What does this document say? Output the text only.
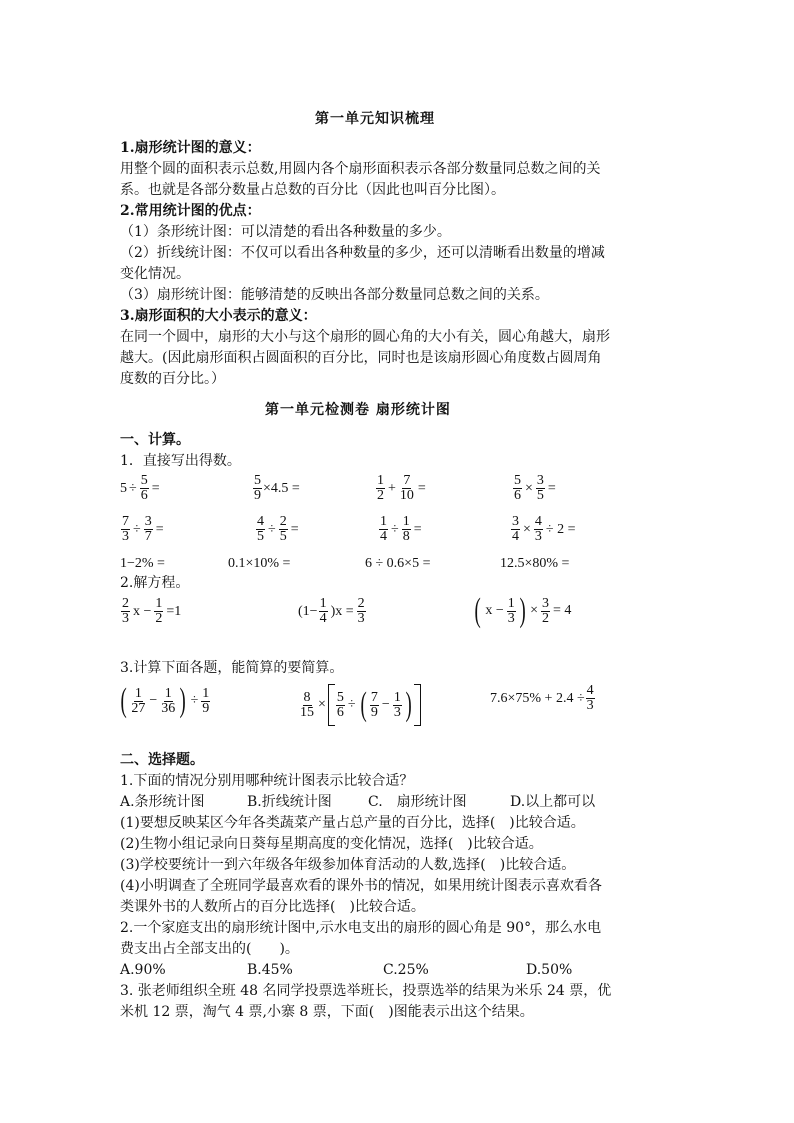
第一单元知识梳理
1.扇形统计图的意义：
用整个圆的面积表示总数,用圆内各个扇形面积表示各部分数量同总数之间的关
系。也就是各部分数量占总数的百分比（因此也叫百分比图）。
2.常用统计图的优点：
（1）条形统计图：可以清楚的看出各种数量的多少。
（2）折线统计图：不仅可以看出各种数量的多少，还可以清晰看出数量的增减
变化情况。
（3）扇形统计图：能够清楚的反映出各部分数量同总数之间的关系。
3.扇形面积的大小表示的意义：
在同一个圆中，扇形的大小与这个扇形的圆心角的大小有关，圆心角越大，扇形
越大。(因此扇形面积占圆面积的百分比，同时也是该扇形圆心角度数占圆周角
度数的百分比。）
第一单元检测卷 扇形统计图
一、计算。
1．直接写出得数。
$5 \div \frac{5}{6}$ =	$\frac{5}{9} \times 4.5$ =	$\frac{1}{2} + \frac{7}{10}$ =	$\frac{5}{6} \times \frac{3}{5}$ =
$\frac{7}{3} \div \frac{3}{7}$ =	$\frac{4}{5} \div \frac{2}{5}$ =	$\frac{1}{4} \div \frac{1}{8}$ =	$\frac{3}{4} \times \frac{4}{3} \div 2$ =
1−2% =	0.1×10% =	6 ÷ 0.6×5 =	12.5×80% =
2.解方程。
$\frac{2}{3}$ $x - \frac{1}{2} =1$	$(1- \frac{1}{4} )x = \frac{2}{3}$	( $x - \frac{1}{3}$ ) × $\frac{3}{2} = 4$
3.计算下面各题，能简算的要简算。
( $\frac{1}{27} - \frac{1}{36}$ ) ÷ $\frac{1}{9}$	$\frac{8}{15} \times \frac{5}{6}$ ÷ ( $\frac{7}{9} - \frac{1}{3}$ )	$7.6\times 75\% + 2.4 \div \frac{4}{3}$
二、选择题。
1.下面的情况分别用哪种统计图表示比较合适？
A.条形统计图	B.折线统计图	C.　扇形统计图	D.以上都可以
(1)要想反映某区今年各类蔬菜产量占总产量的百分比，选择(　)比较合适。
(2)生物小组记录向日葵每星期高度的变化情况，选择(　)比较合适。
(3)学校要统计一到六年级各年级参加体育活动的人数,选择(　)比较合适。
(4)小明调查了全班同学最喜欢看的课外书的情况，如果用统计图表示喜欢看各
类课外书的人数所占的百分比选择(　)比较合适。
2.一个家庭支出的扇形统计图中,示水电支出的扇形的圆心角是 90°，那么水电
费支出占全部支出的(　　)。
A.90%	B.45%	C.25%	D.50%
3. 张老师组织全班 48 名同学投票选举班长，投票选举的结果为米乐 24 票，优
米机 12 票，淘气 4 票,小寨 8 票，下面(　)图能表示出这个结果。
